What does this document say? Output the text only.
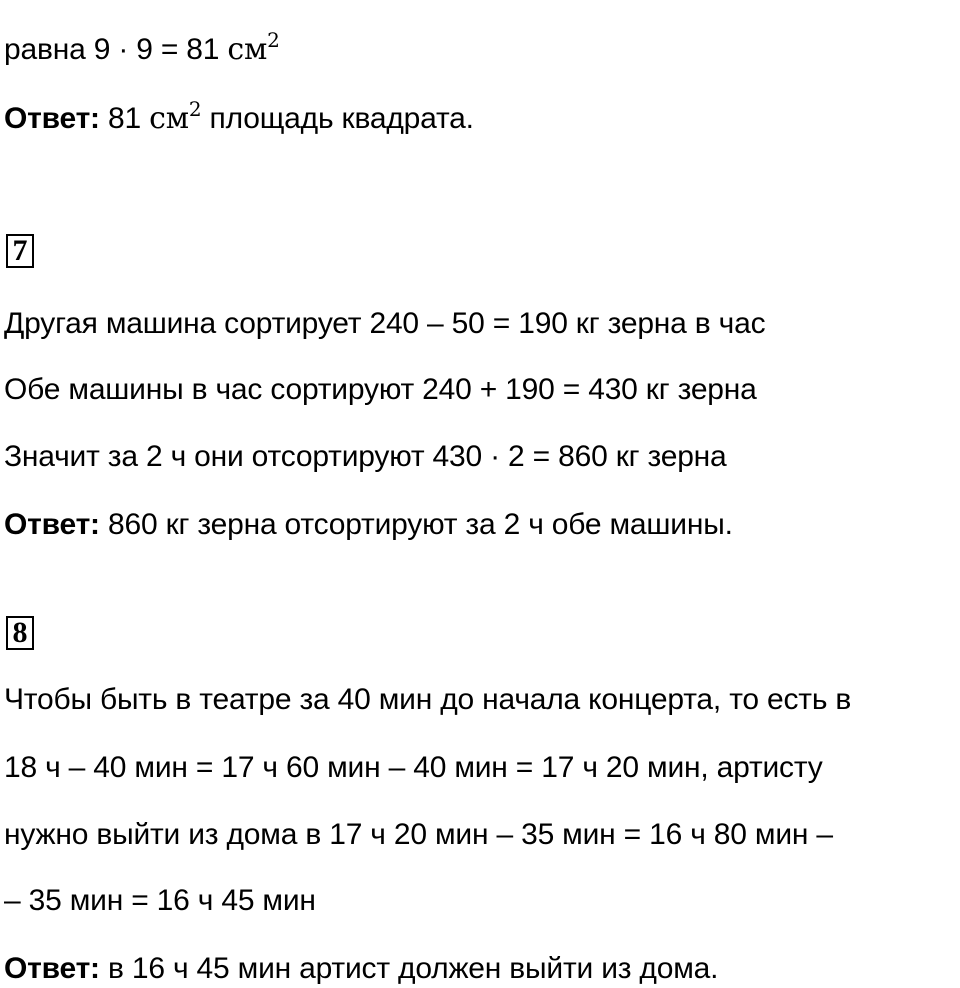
равна 9 · 9 = 81 $см^2$
Ответ: 81 $см^2$ площадь квадрата.
7
Другая машина сортирует 240 – 50 = 190 кг зерна в час
Обе машины в час сортируют 240 + 190 = 430 кг зерна
Значит за 2 ч они отсортируют 430 · 2 = 860 кг зерна
Ответ: 860 кг зерна отсортируют за 2 ч обе машины.
8
Чтобы быть в театре за 40 мин до начала концерта, то есть в
18 ч – 40 мин = 17 ч 60 мин – 40 мин = 17 ч 20 мин, артисту
нужно выйти из дома в 17 ч 20 мин – 35 мин = 16 ч 80 мин –
– 35 мин = 16 ч 45 мин
Ответ: в 16 ч 45 мин артист должен выйти из дома.
